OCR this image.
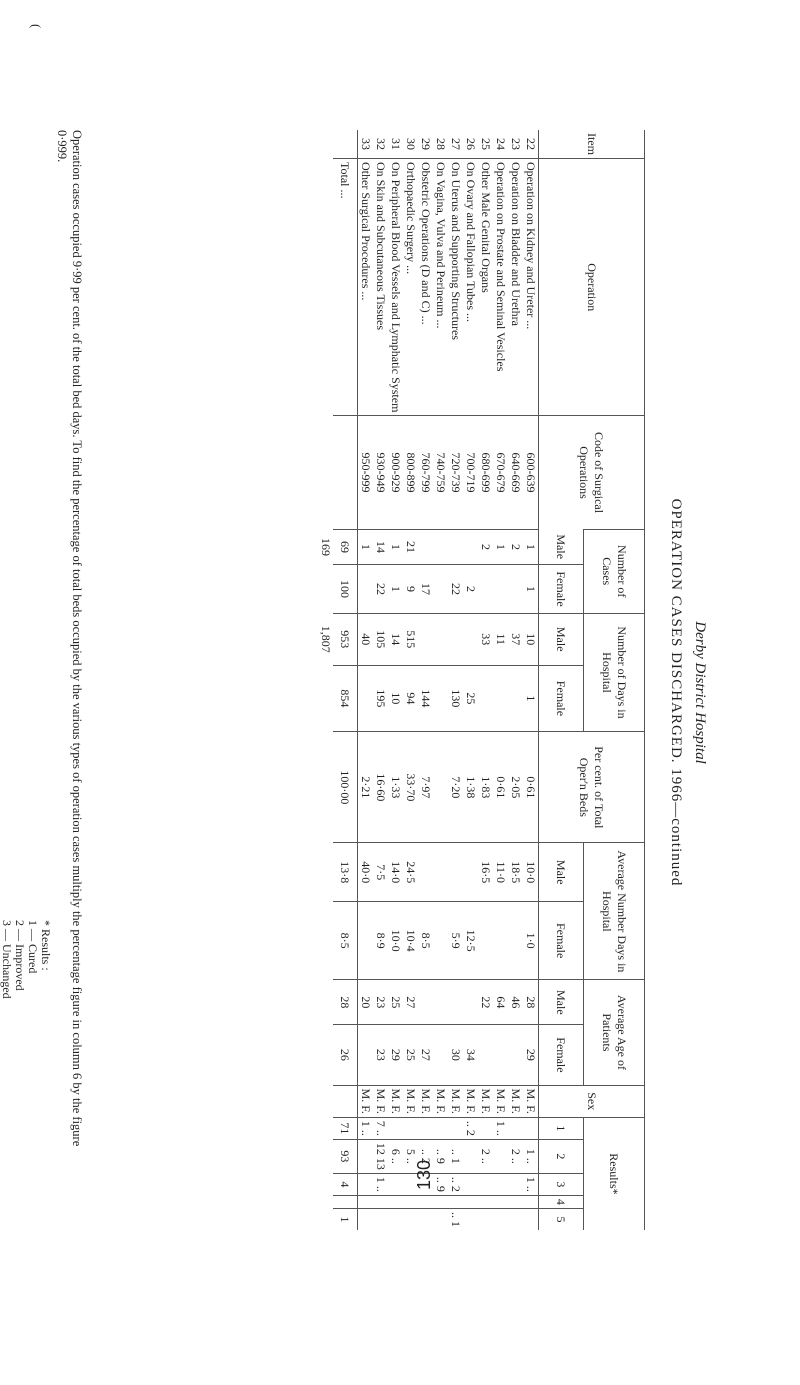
Derby District Hospital
OPERATION CASES DISCHARGED. 1966—continued
(
Item	Operation	Code of Surgical Operations	Number of Cases		Number of Days in Hospital		Per cent. of Total Oper'n Beds	Average Number Days in Hospital		Average Age of Patients		Sex	Results*				
			Male	Female	Male	Female		Male	Female	Male	Female		1	2	3	4	5
22	Operation on Kidney and Ureter ...	600-639	1	1	10	1	0·61	10·0	1·0	28	29	M. F.		1 ..	1 ..		
23	Operation on Bladder and Urethra	640-669	2		37		2·05	18·5		46		M. F.		2 ..			
24	Operation on Prostate and Seminal Vesicles	670-679	1		11		0·61	11·0		64		M. F.	1 ..				
25	Other Male Genital Organs	680-699	2		33		1·83	16·5		22		M. F.		2 ..			
26	On Ovary and Fallopian Tubes ...	700-719		2		25	1·38		12·5		34	M. F.	.. 2				
27	On Uterus and Supporting Structures	720-739		22		130	7·20		5·9		30	M. F.		.. 1	.. 2		.. 1
28	On Vagina, Vulva and Perineum ...	740-759										M. F.		.. 9	.. 9		
29	Obstetric Operations (D and C) ...	760-799		17		144	7·97		8·5		27	M. F.		.. 2			
30	Orthopaedic Surgery ...	800-899	21	9	515	94	33·70	24·5	10·4	27	25	M. F.		5 ..			
31	On Peripheral Blood Vessels and Lymphatic System	900-929	1	1	14	10	1·33	14·0	10·0	25	29	M. F.		6 ..			
32	On Skin and Subcutaneous Tissues	930-949	14	22	105	195	16·60	7·5	8·9	23	23	M. F.	7 ..	12 13	1 ..		
33	Other Surgical Procedures ...	950-999	1		40		2·21	40·0		20		M. F.	1 ..				
	Total ...		69	100	953	854	100·00	13·8	8·5	28	26		71	93	4		1
			169		1,807												
Operation cases occupied 9·99 per cent. of the total bed days. To find the percentage of total beds occupied by the various types of operation cases multiply the percentage figure in column 6 by the figure
0·999.
* Results :
1 — Cured
2 — Improved
3 — Unchanged
130
